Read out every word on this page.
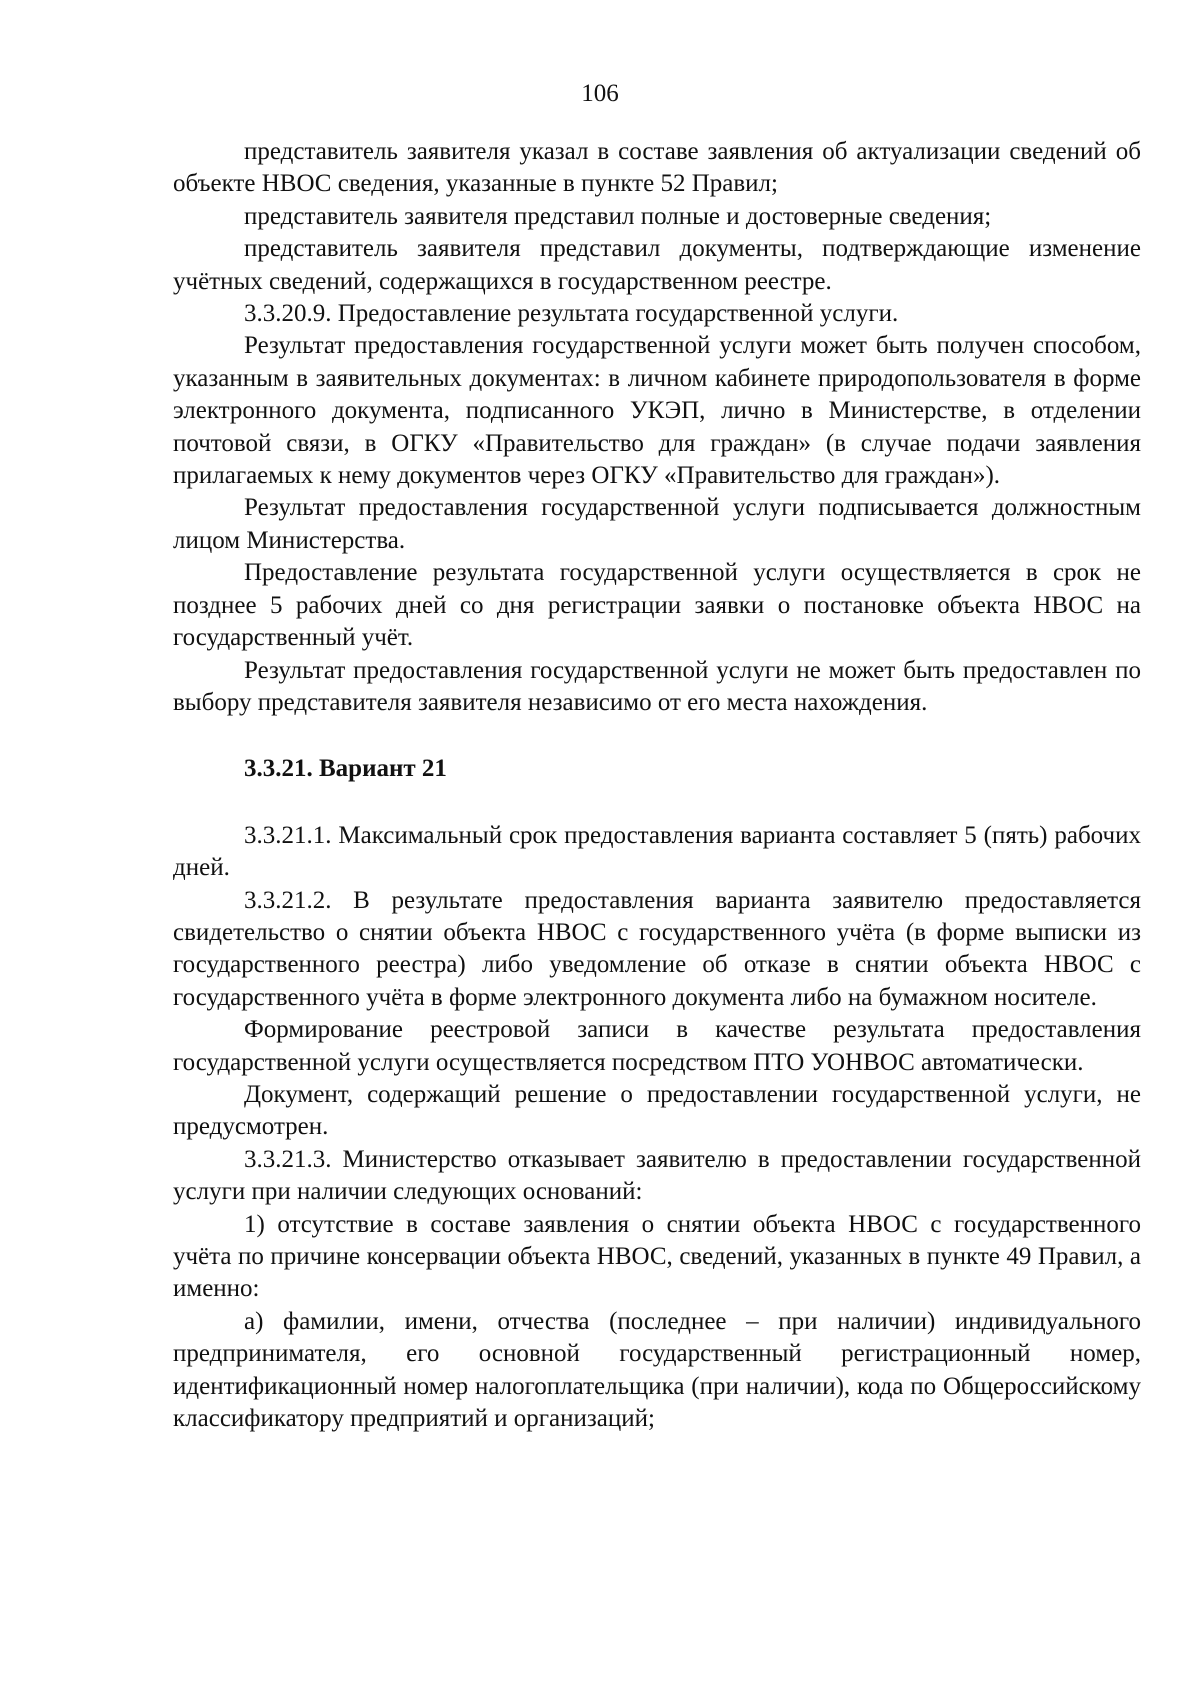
106

представитель заявителя указал в составе заявления об актуализации сведений об объекте НВОС сведения, указанные в пункте 52 Правил;

представитель заявителя представил полные и достоверные сведения;

представитель заявителя представил документы, подтверждающие изменение учётных сведений, содержащихся в государственном реестре.

3.3.20.9. Предоставление результата государственной услуги.

Результат предоставления государственной услуги может быть получен способом, указанным в заявительных документах: в личном кабинете природопользователя в форме электронного документа, подписанного УКЭП, лично в Министерстве, в отделении почтовой связи, в ОГКУ «Правительство для граждан» (в случае подачи заявления прилагаемых к нему документов через ОГКУ «Правительство для граждан»).

Результат предоставления государственной услуги подписывается должностным лицом Министерства.

Предоставление результата государственной услуги осуществляется в срок не позднее 5 рабочих дней со дня регистрации заявки о постановке объекта НВОС на государственный учёт.

Результат предоставления государственной услуги не может быть предоставлен по выбору представителя заявителя независимо от его места нахождения.

3.3.21. Вариант 21

3.3.21.1. Максимальный срок предоставления варианта составляет 5 (пять) рабочих дней.

3.3.21.2. В результате предоставления варианта заявителю предоставляется свидетельство о снятии объекта НВОС с государственного учёта (в форме выписки из государственного реестра) либо уведомление об отказе в снятии объекта НВОС с государственного учёта в форме электронного документа либо на бумажном носителе.

Формирование реестровой записи в качестве результата предоставления государственной услуги осуществляется посредством ПТО УОНВОС автоматически.

Документ, содержащий решение о предоставлении государственной услуги, не предусмотрен.

3.3.21.3. Министерство отказывает заявителю в предоставлении государственной услуги при наличии следующих оснований:

1) отсутствие в составе заявления о снятии объекта НВОС с государственного учёта по причине консервации объекта НВОС, сведений, указанных в пункте 49 Правил, а именно:

а) фамилии, имени, отчества (последнее – при наличии) индивидуального предпринимателя, его основной государственный регистрационный номер, идентификационный номер налогоплательщика (при наличии), кода по Общероссийскому классификатору предприятий и организаций;
